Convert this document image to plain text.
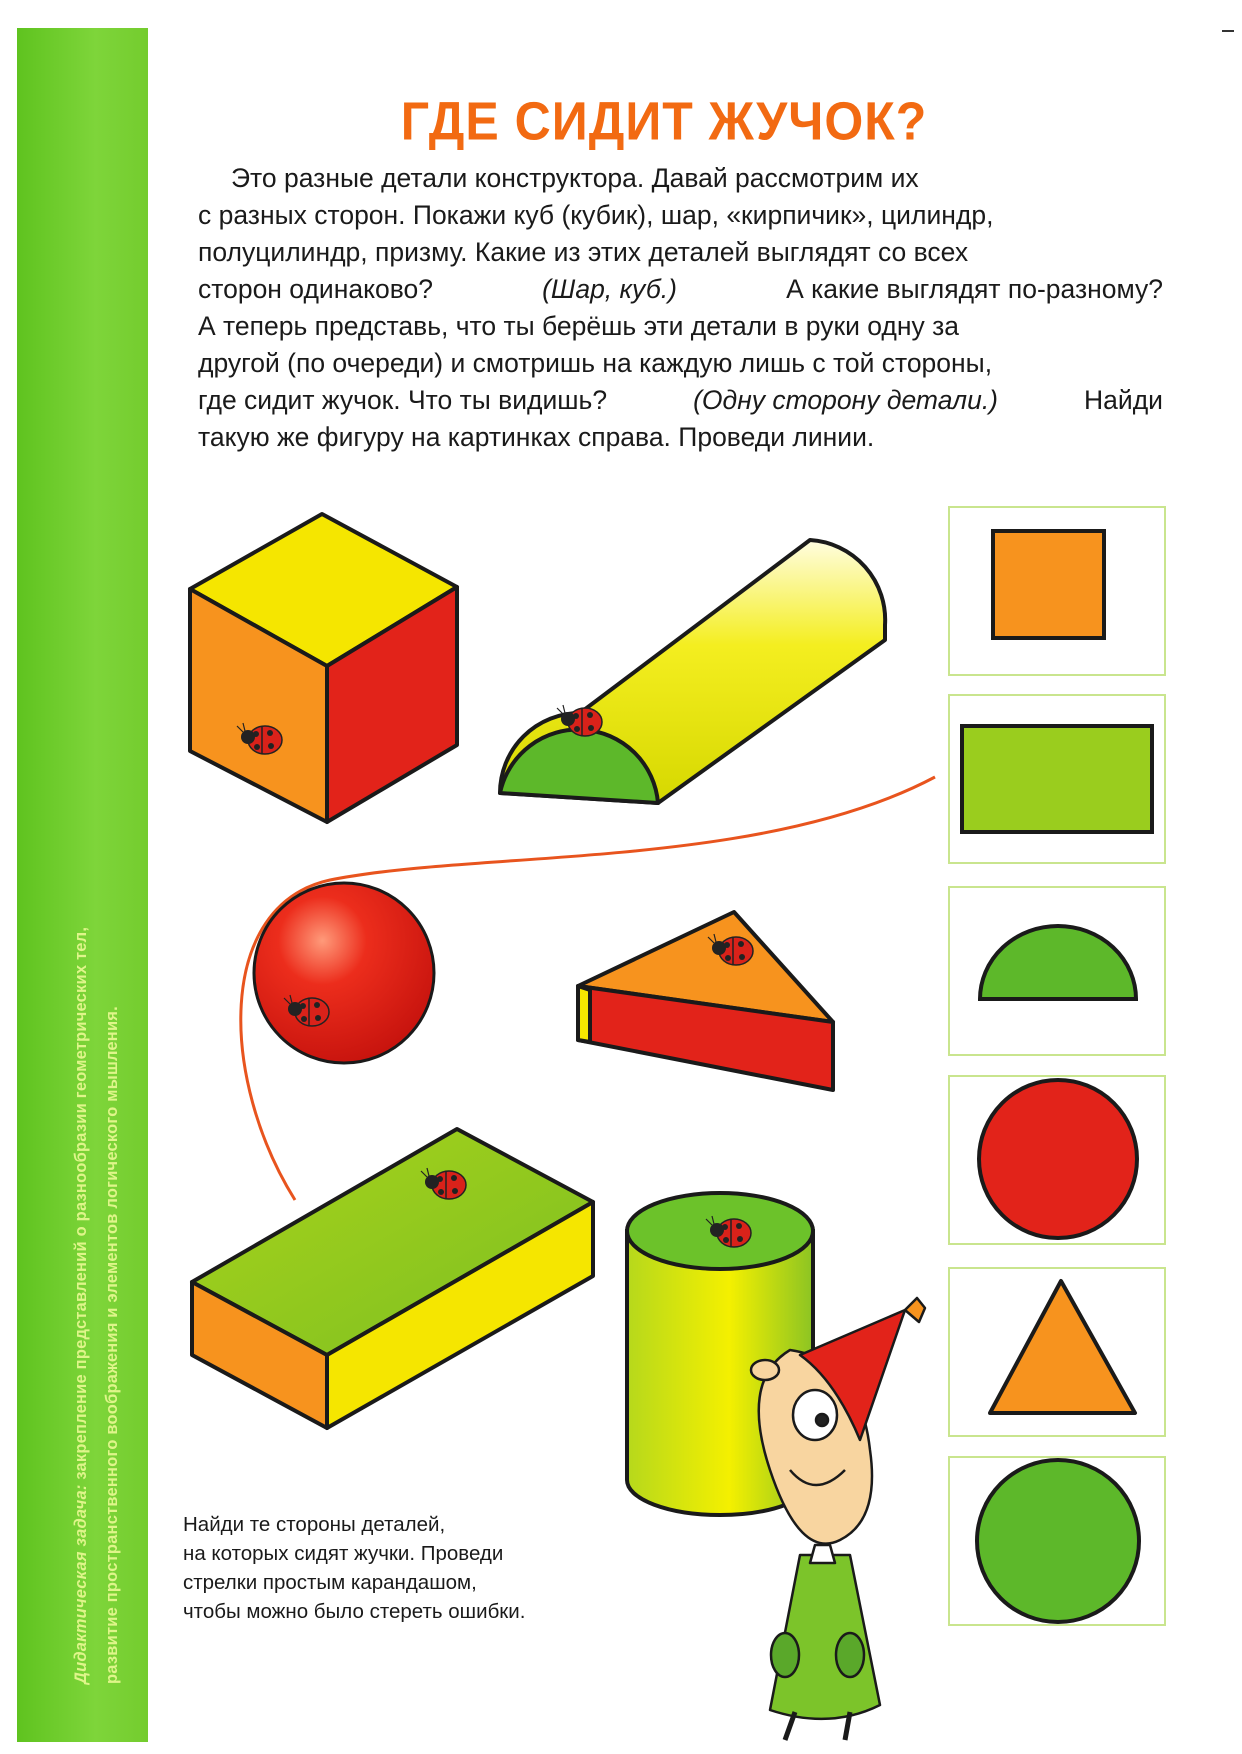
Дидактическая задача: закрепление представлений о разнообразии геометрических тел, развитие пространственного воображения и элементов логического мышления.
ГДЕ СИДИТ ЖУЧОК?
Это разные детали конструктора. Давай рассмотрим их
с разных сторон. Покажи куб (кубик), шар, «кирпичик», цилиндр,
полуцилиндр, призму. Какие из этих деталей выглядят со всех
сторон одинаково?	(Шар, куб.)	А какие выглядят по-разному?
А теперь представь, что ты берёшь эти детали в руки одну за
другой (по очереди) и смотришь на каждую лишь с той стороны,
где сидит жучок. Что ты видишь?	(Одну сторону детали.)	Найди
такую же фигуру на картинках справа. Проведи линии.
Найди те стороны деталей,
на которых сидят жучки. Проведи
стрелки простым карандашом,
чтобы можно было стереть ошибки.
